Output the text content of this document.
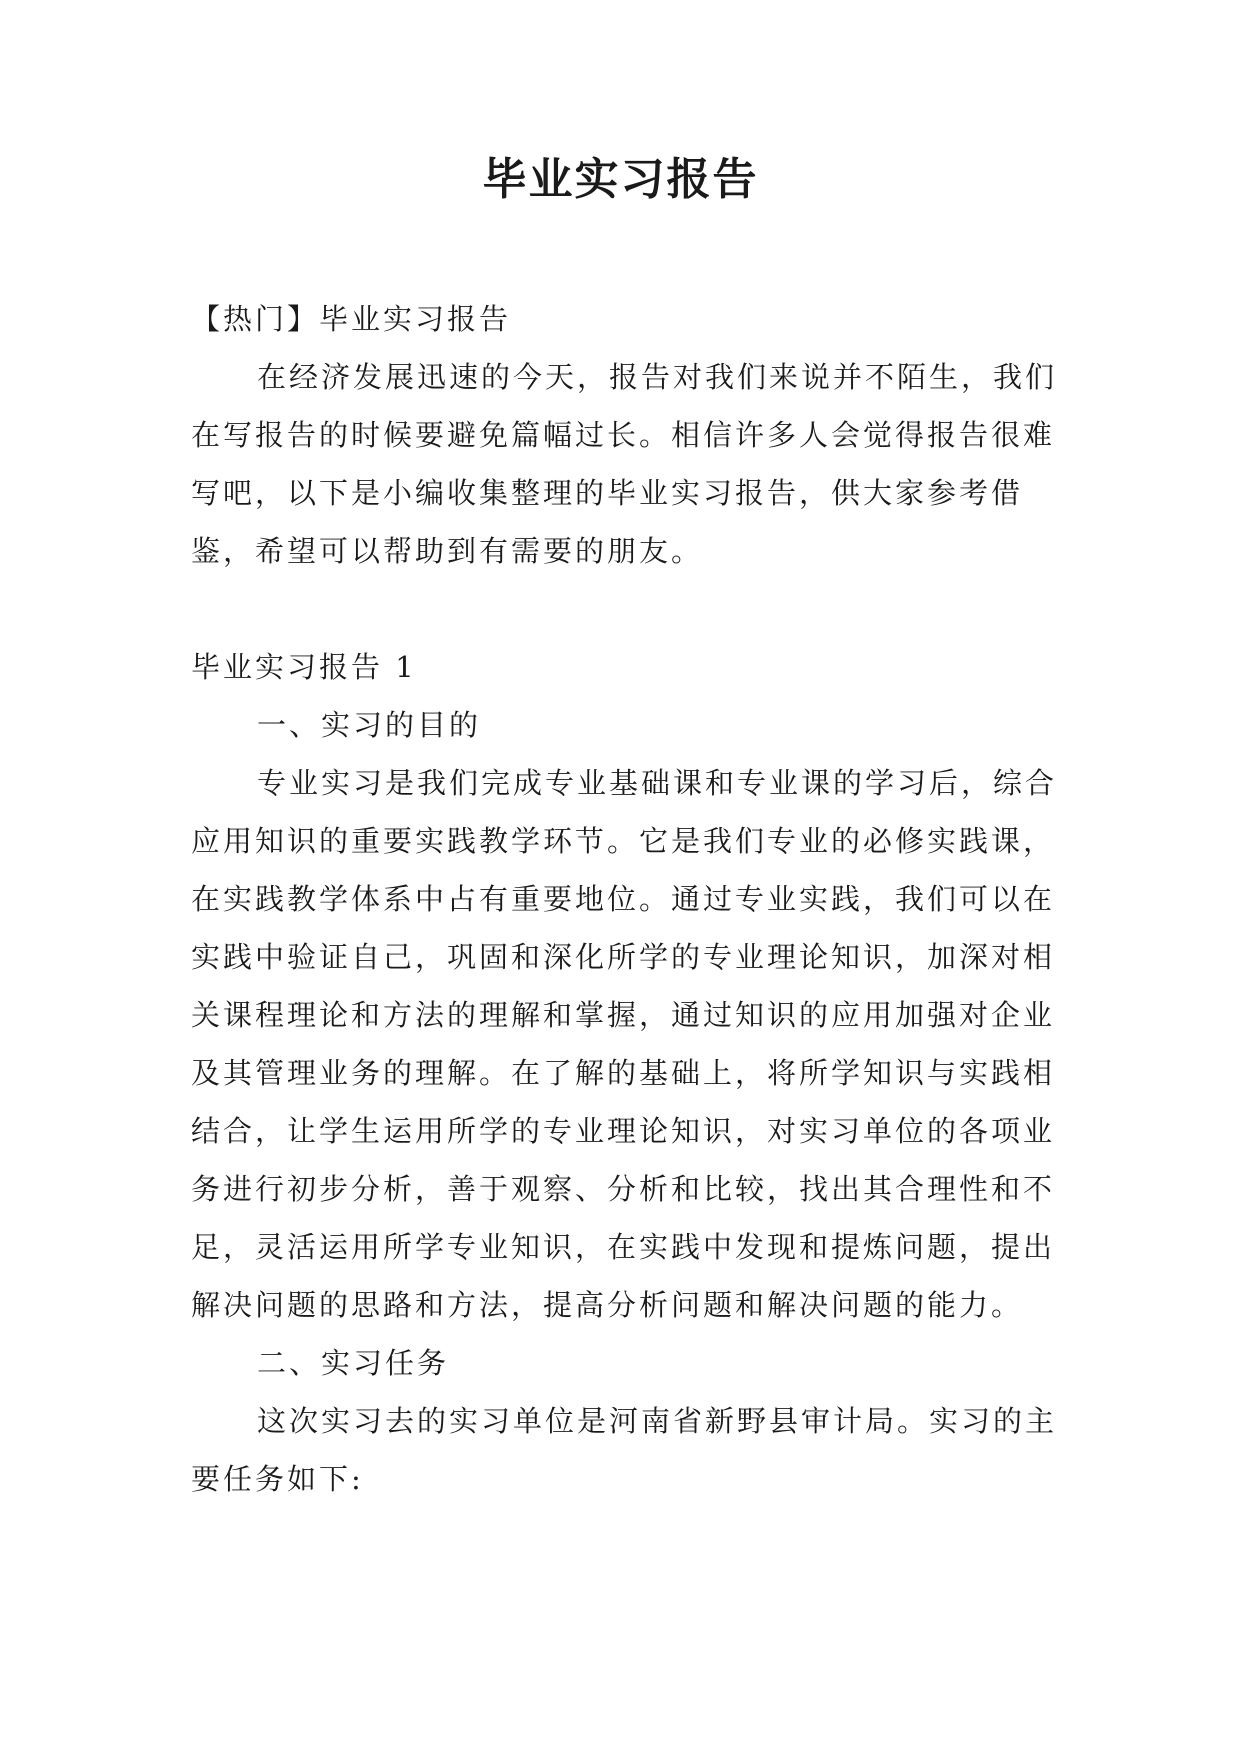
毕业实习报告

【热门】毕业实习报告

在经济发展迅速的今天，报告对我们来说并不陌生，我们在写报告的时候要避免篇幅过长。相信许多人会觉得报告很难写吧，以下是小编收集整理的毕业实习报告，供大家参考借鉴，希望可以帮助到有需要的朋友。

毕业实习报告 1

一、实习的目的

专业实习是我们完成专业基础课和专业课的学习后，综合应用知识的重要实践教学环节。它是我们专业的必修实践课，在实践教学体系中占有重要地位。通过专业实践，我们可以在实践中验证自己，巩固和深化所学的专业理论知识，加深对相关课程理论和方法的理解和掌握，通过知识的应用加强对企业及其管理业务的理解。在了解的基础上，将所学知识与实践相结合，让学生运用所学的专业理论知识，对实习单位的各项业务进行初步分析，善于观察、分析和比较，找出其合理性和不足，灵活运用所学专业知识，在实践中发现和提炼问题，提出解决问题的思路和方法，提高分析问题和解决问题的能力。

二、实习任务

这次实习去的实习单位是河南省新野县审计局。实习的主要任务如下:
